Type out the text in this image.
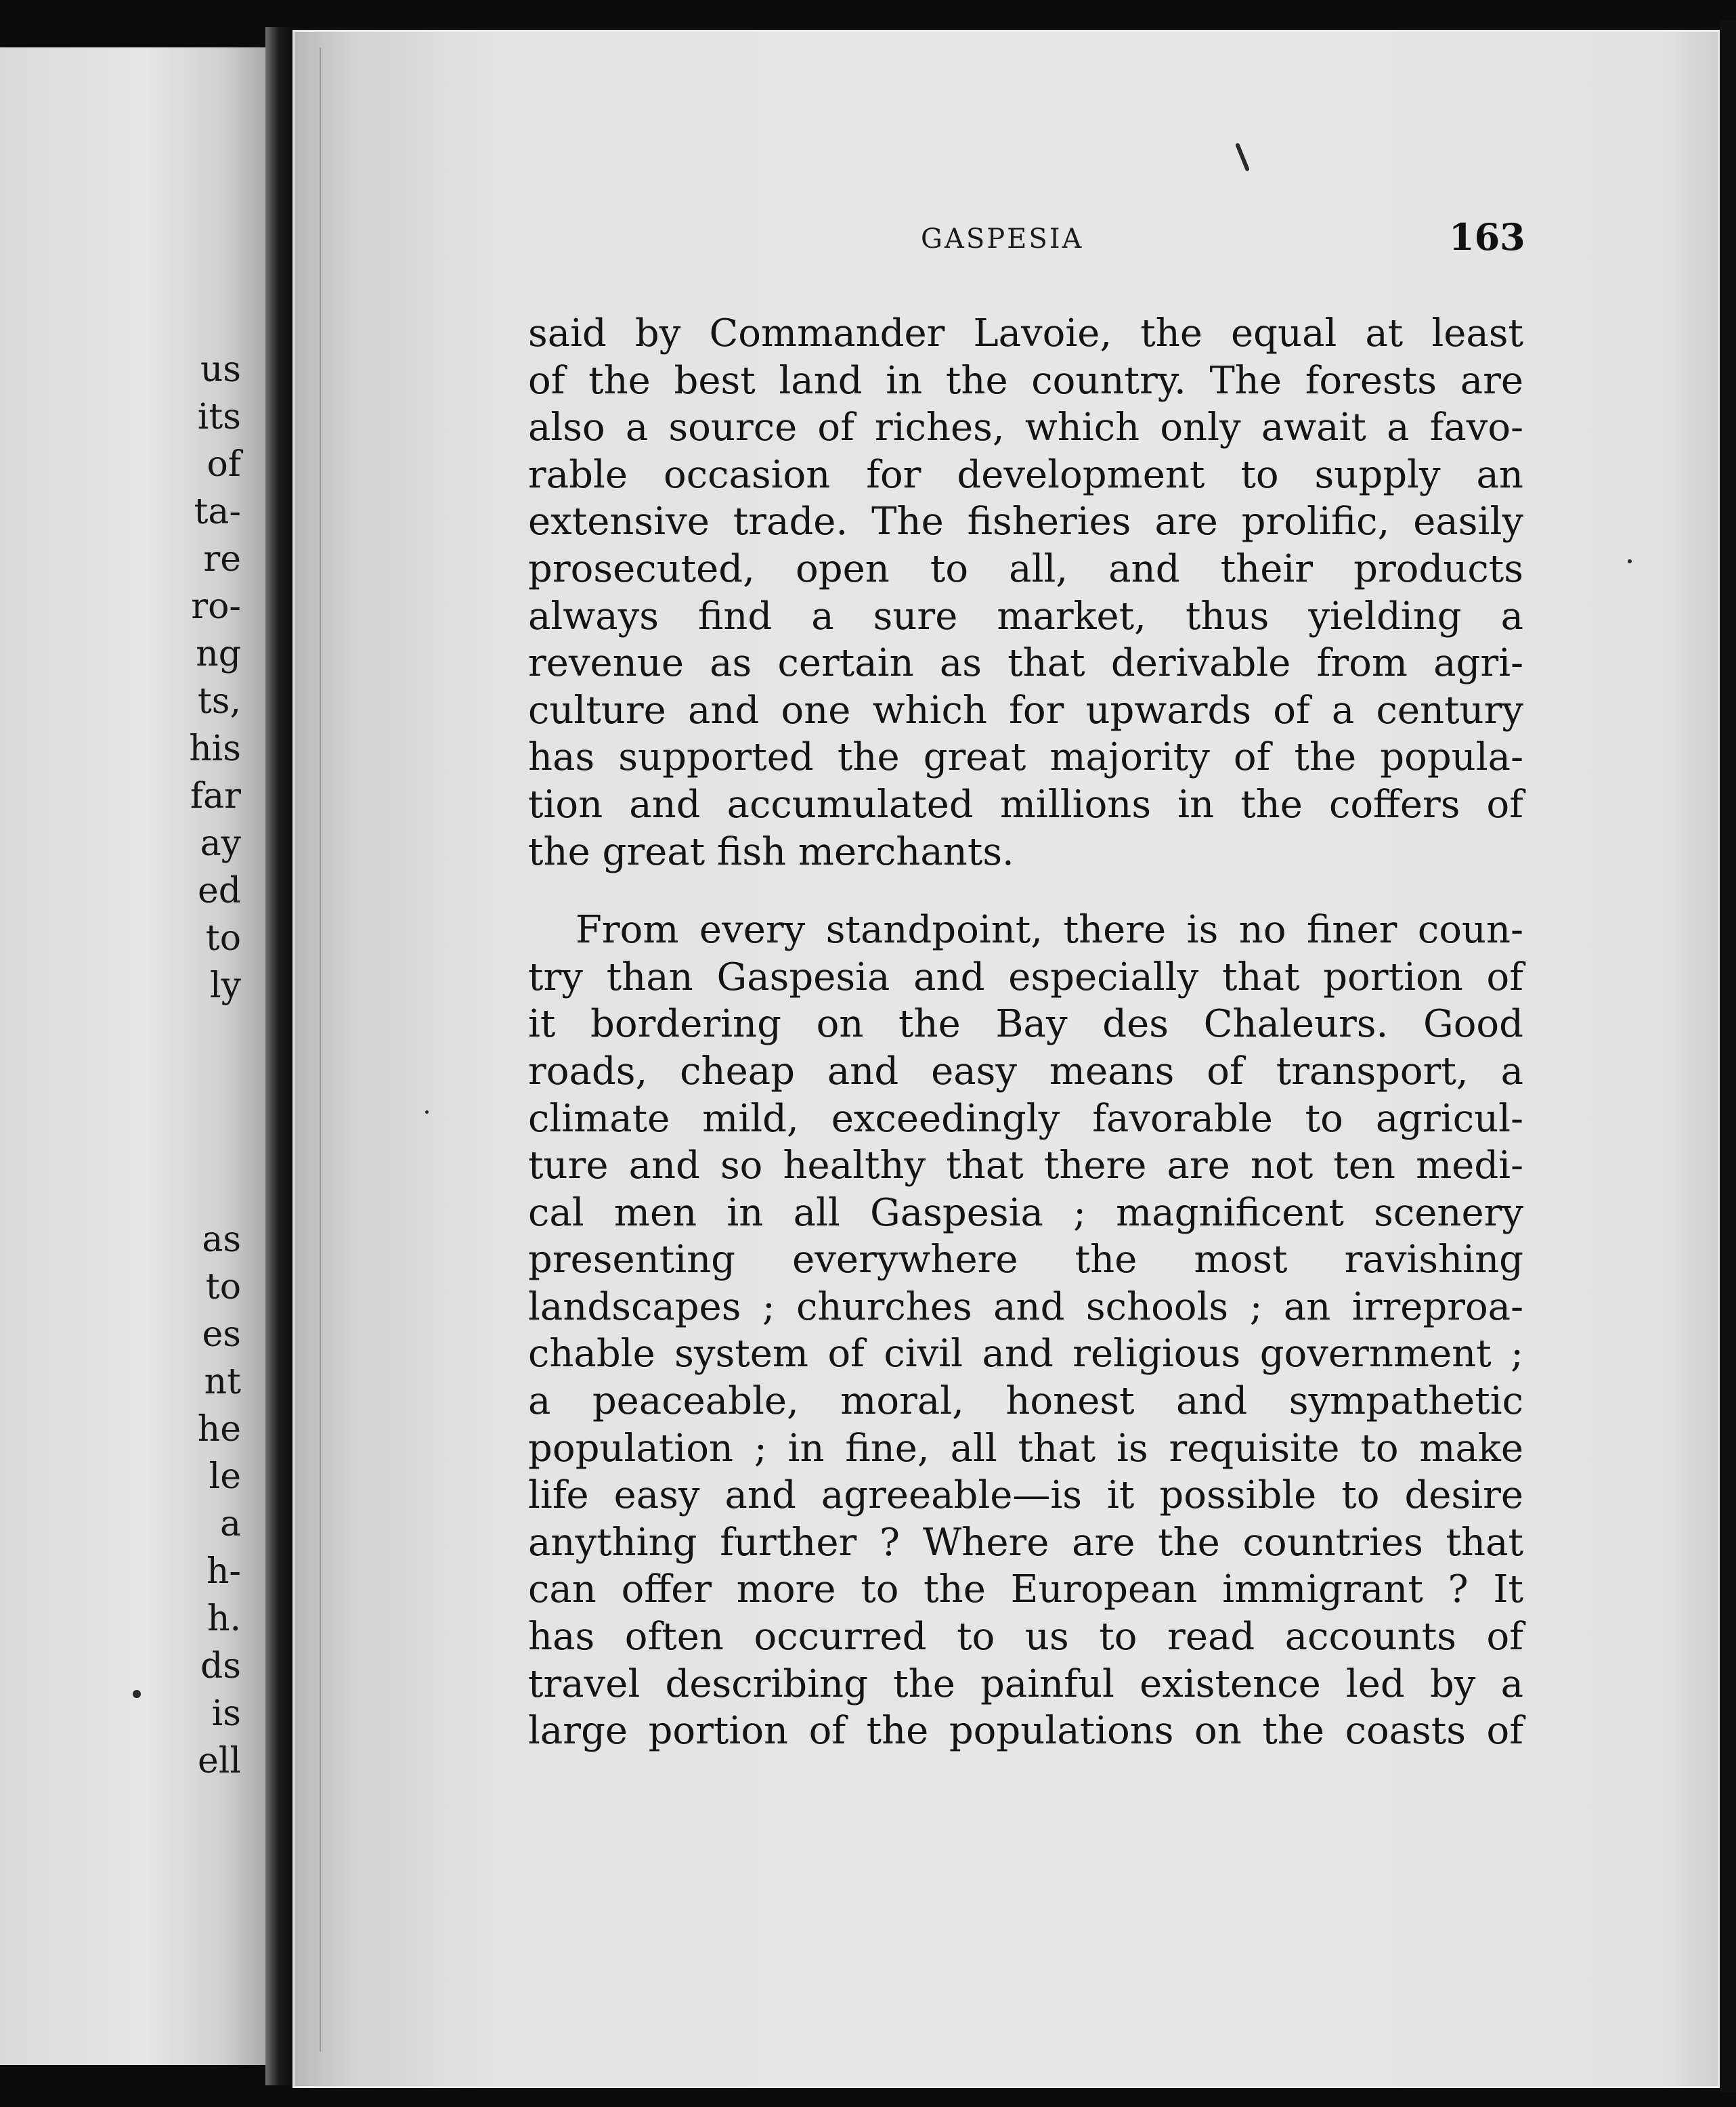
us
its
of
ta-
re
ro-
ng
ts,
his
far
ay
ed
to
ly
as
to
es
nt
he
le
a
h-
h.
ds
is
ell
GASPESIA	163
said by Commander Lavoie, the equal at least
of the best land in the country. The forests are
also a source of riches, which only await a favo-
rable occasion for development to supply an
extensive trade. The fisheries are prolific, easily
prosecuted, open to all, and their products
always find a sure market, thus yielding a
revenue as certain as that derivable from agri-
culture and one which for upwards of a century
has supported the great majority of the popula-
tion and accumulated millions in the coffers of
the great fish merchants.
From every standpoint, there is no finer coun-
try than Gaspesia and especially that portion of
it bordering on the Bay des Chaleurs. Good
roads, cheap and easy means of transport, a
climate mild, exceedingly favorable to agricul-
ture and so healthy that there are not ten medi-
cal men in all Gaspesia ; magnificent scenery
presenting everywhere the most ravishing
landscapes ; churches and schools ; an irreproa-
chable system of civil and religious government ;
a peaceable, moral, honest and sympathetic
population ; in fine, all that is requisite to make
life easy and agreeable—is it possible to desire
anything further ? Where are the countries that
can offer more to the European immigrant ? It
has often occurred to us to read accounts of
travel describing the painful existence led by a
large portion of the populations on the coasts of
